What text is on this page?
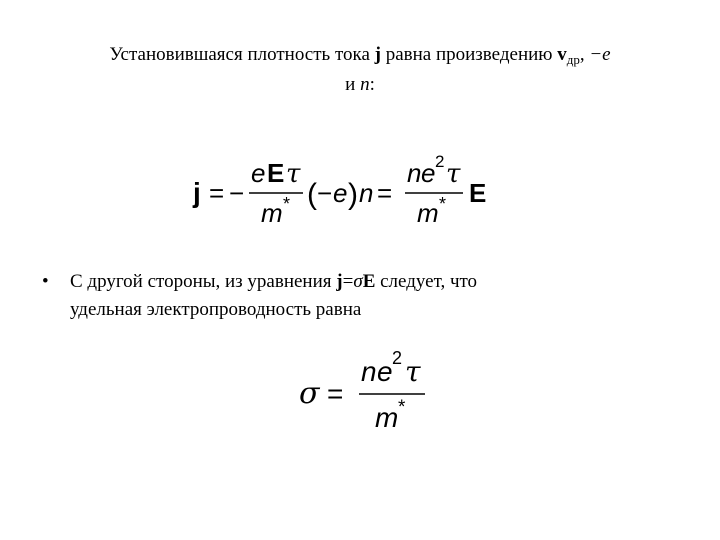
Установившаяся плотность тока j равна произведению $v_{др}$, −e
и n:
j = −
e E τ
m * ( − e ) n =
n e 2 τ
m * E
• С другой стороны, из уравнения j=σE следует, что
удельная электропроводность равна
σ =
n e 2 τ
m *
